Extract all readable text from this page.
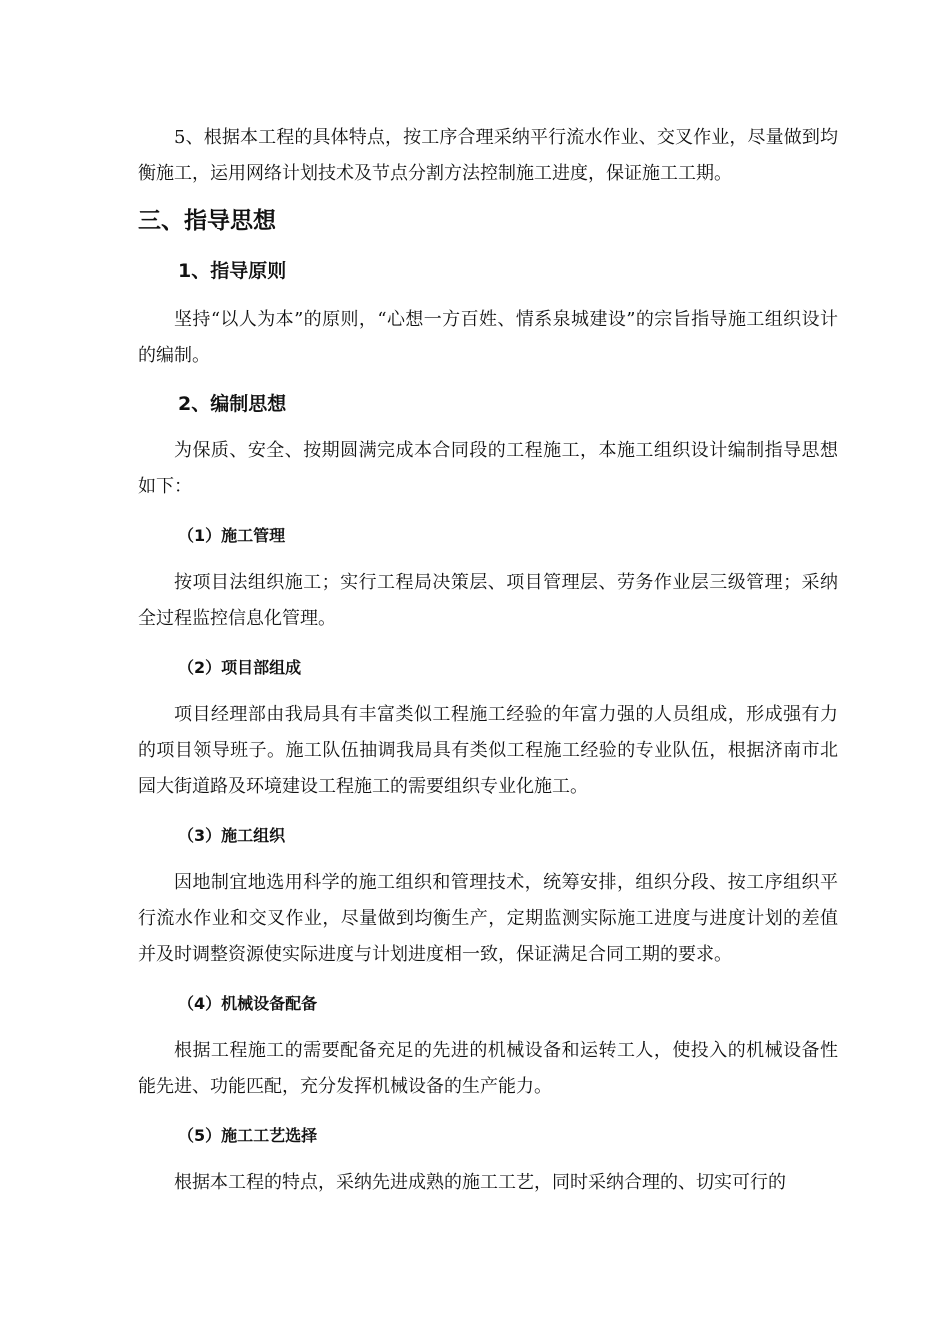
5、根据本工程的具体特点，按工序合理采纳平行流水作业、交叉作业，尽量做到均衡施工，运用网络计划技术及节点分割方法控制施工进度，保证施工工期。

三、指导思想
1、指导原则

坚持“以人为本”的原则，“心想一方百姓、情系泉城建设”的宗旨指导施工组织设计的编制。

2、编制思想

为保质、安全、按期圆满完成本合同段的工程施工，本施工组织设计编制指导思想如下：

（1）施工管理

按项目法组织施工；实行工程局决策层、项目管理层、劳务作业层三级管理；采纳全过程监控信息化管理。

（2）项目部组成

项目经理部由我局具有丰富类似工程施工经验的年富力强的人员组成，形成强有力的项目领导班子。施工队伍抽调我局具有类似工程施工经验的专业队伍，根据济南市北园大街道路及环境建设工程施工的需要组织专业化施工。

（3）施工组织

因地制宜地选用科学的施工组织和管理技术，统筹安排，组织分段、按工序组织平行流水作业和交叉作业，尽量做到均衡生产，定期监测实际施工进度与进度计划的差值并及时调整资源使实际进度与计划进度相一致，保证满足合同工期的要求。

（4）机械设备配备

根据工程施工的需要配备充足的先进的机械设备和运转工人，使投入的机械设备性能先进、功能匹配，充分发挥机械设备的生产能力。

（5）施工工艺选择

根据本工程的特点，采纳先进成熟的施工工艺，同时采纳合理的、切实可行的
